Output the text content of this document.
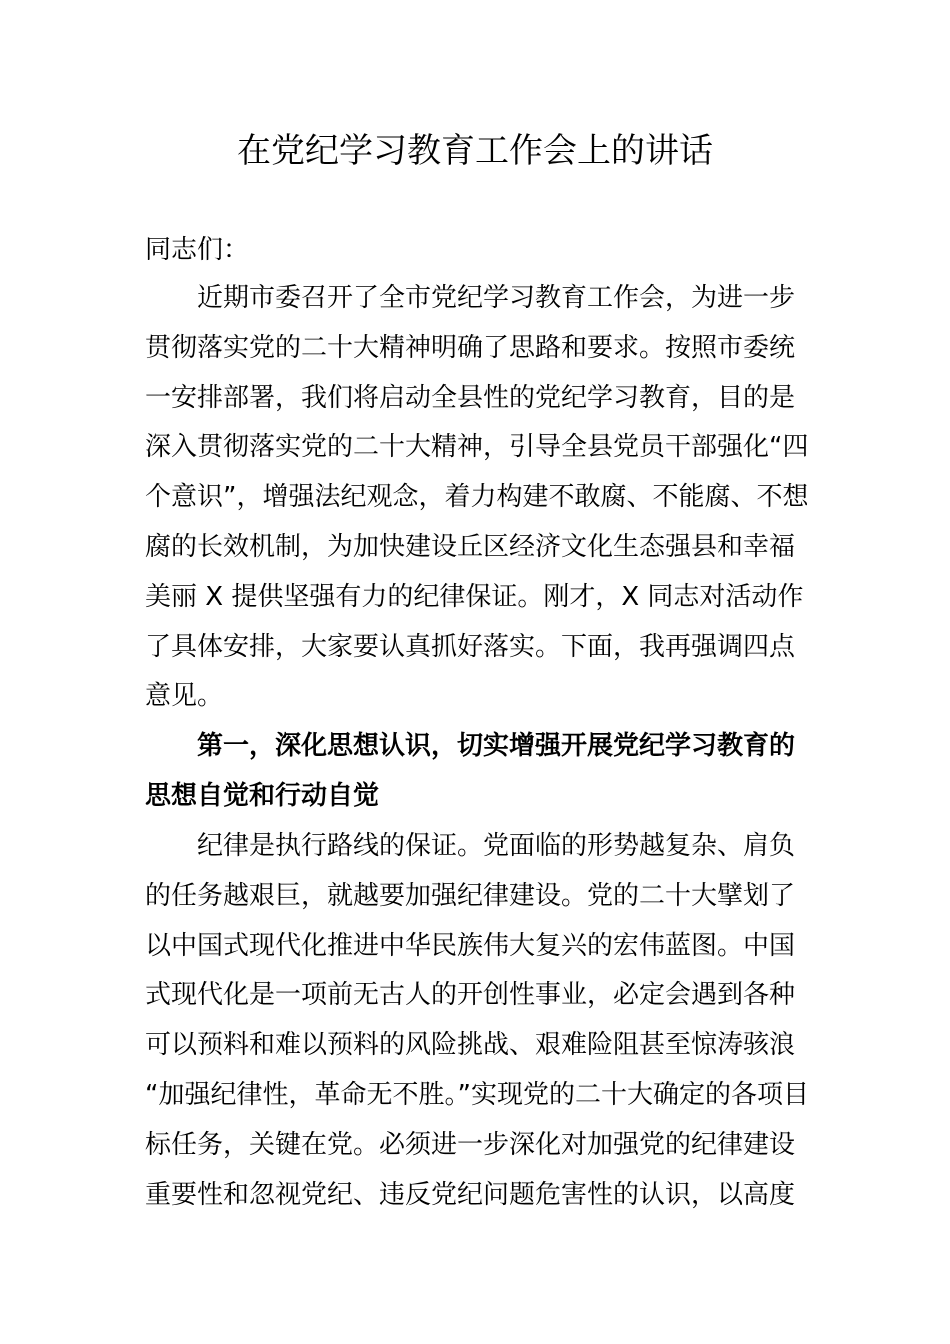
在党纪学习教育工作会上的讲话
同志们：
近期市委召开了全市党纪学习教育工作会，为进一步
贯彻落实党的二十大精神明确了思路和要求。按照市委统
一安排部署，我们将启动全县性的党纪学习教育，目的是
深入贯彻落实党的二十大精神，引导全县党员干部强化“四
个意识”，增强法纪观念，着力构建不敢腐、不能腐、不想
腐的长效机制，为加快建设丘区经济文化生态强县和幸福
美丽 X 提供坚强有力的纪律保证。刚才，X 同志对活动作
了具体安排，大家要认真抓好落实。下面，我再强调四点
意见。
第一，深化思想认识，切实增强开展党纪学习教育的
思想自觉和行动自觉
纪律是执行路线的保证。党面临的形势越复杂、肩负
的任务越艰巨，就越要加强纪律建设。党的二十大擘划了
以中国式现代化推进中华民族伟大复兴的宏伟蓝图。中国
式现代化是一项前无古人的开创性事业，必定会遇到各种
可以预料和难以预料的风险挑战、艰难险阻甚至惊涛骇浪
“加强纪律性，革命无不胜。”实现党的二十大确定的各项目
标任务，关键在党。必须进一步深化对加强党的纪律建设
重要性和忽视党纪、违反党纪问题危害性的认识，以高度
